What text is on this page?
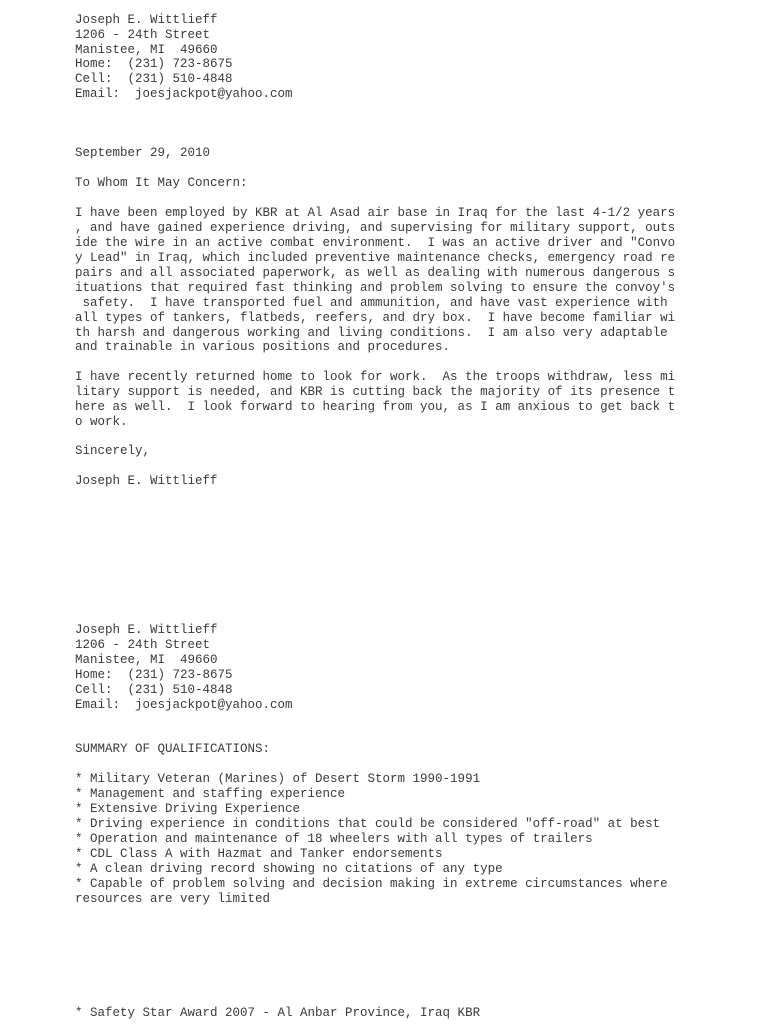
Joseph E. Wittlieff

1206 - 24th Street

Manistee, MI  49660

Home:  (231) 723-8675

Cell:  (231) 510-4848

Email:  joesjackpot@yahoo.com

September 29, 2010

To Whom It May Concern:

I have been employed by KBR at Al Asad air base in Iraq for the last 4-1/2 years

, and have gained experience driving, and supervising for military support, outs

ide the wire in an active combat environment.  I was an active driver and "Convo

y Lead" in Iraq, which included preventive maintenance checks, emergency road re

pairs and all associated paperwork, as well as dealing with numerous dangerous s

ituations that required fast thinking and problem solving to ensure the convoy's

safety.  I have transported fuel and ammunition, and have vast experience with

all types of tankers, flatbeds, reefers, and dry box.  I have become familiar wi

th harsh and dangerous working and living conditions.  I am also very adaptable

and trainable in various positions and procedures.

I have recently returned home to look for work.  As the troops withdraw, less mi

litary support is needed, and KBR is cutting back the majority of its presence t

here as well.  I look forward to hearing from you, as I am anxious to get back t

o work.

Sincerely,

Joseph E. Wittlieff

Joseph E. Wittlieff

1206 - 24th Street

Manistee, MI  49660

Home:  (231) 723-8675

Cell:  (231) 510-4848

Email:  joesjackpot@yahoo.com

SUMMARY OF QUALIFICATIONS:

* Military Veteran (Marines) of Desert Storm 1990-1991

* Management and staffing experience

* Extensive Driving Experience

* Driving experience in conditions that could be considered "off-road" at best

* Operation and maintenance of 18 wheelers with all types of trailers

* CDL Class A with Hazmat and Tanker endorsements

* A clean driving record showing no citations of any type

* Capable of problem solving and decision making in extreme circumstances where

resources are very limited

* Safety Star Award 2007 - Al Anbar Province, Iraq KBR
